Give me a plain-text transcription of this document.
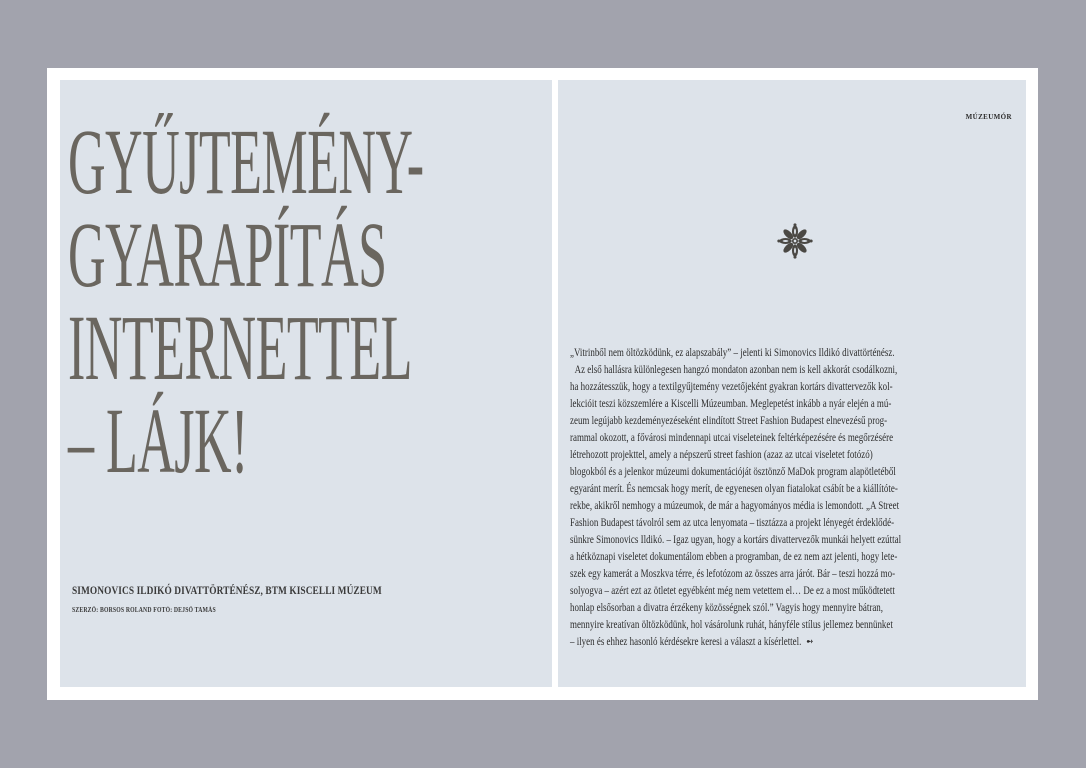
GYŰJTEMÉNY-
GYARAPÍTÁS
INTERNETTEL
– LÁJK!
SIMONOVICS ILDIKÓ DIVATTÖRTÉNÉSZ, BTM KISCELLI MÚZEUM
SZERZŐ: BORSOS ROLAND FOTÓ: DEJSŐ TAMÁS
MÚZEUMÓR
„Vitrinből nem öltözködünk, ez alapszabály” – jelenti ki Simonovics Ildikó divattörténész.
Az első hallásra különlegesen hangzó mondaton azonban nem is kell akkorát csodálkozni,
ha hozzátesszük, hogy a textilgyűjtemény vezetőjeként gyakran kortárs divattervezők kol-
lekcióit teszi közszemlére a Kiscelli Múzeumban. Meglepetést inkább a nyár elején a mú-
zeum legújabb kezdeményezéseként elindított Street Fashion Budapest elnevezésű prog-
rammal okozott, a fővárosi mindennapi utcai viseleteinek feltérképezésére és megőrzésére
létrehozott projekttel, amely a népszerű street fashion (azaz az utcai viseletet fotózó)
blogokból és a jelenkor múzeumi dokumentációját ösztönző MaDok program alapötletéből
egyaránt merít. És nemcsak hogy merít, de egyenesen olyan fiatalokat csábít be a kiállítóte-
rekbe, akikről nemhogy a múzeumok, de már a hagyományos média is lemondott. „A Street
Fashion Budapest távolról sem az utca lenyomata – tisztázza a projekt lényegét érdeklődé-
sünkre Simonovics Ildikó. – Igaz ugyan, hogy a kortárs divattervezők munkái helyett ezúttal
a hétköznapi viseletet dokumentálom ebben a programban, de ez nem azt jelenti, hogy lete-
szek egy kamerát a Moszkva térre, és lefotózom az összes arra járót. Bár – teszi hozzá mo-
solyogva – azért ezt az ötletet egyébként még nem vetettem el… De ez a most működtetett
honlap elsősorban a divatra érzékeny közösségnek szól.” Vagyis hogy mennyire bátran,
mennyire kreatívan öltözködünk, hol vásárolunk ruhát, hányféle stílus jellemez bennünket
– ilyen és ehhez hasonló kérdésekre keresi a választ a kísérlettel. ➻
